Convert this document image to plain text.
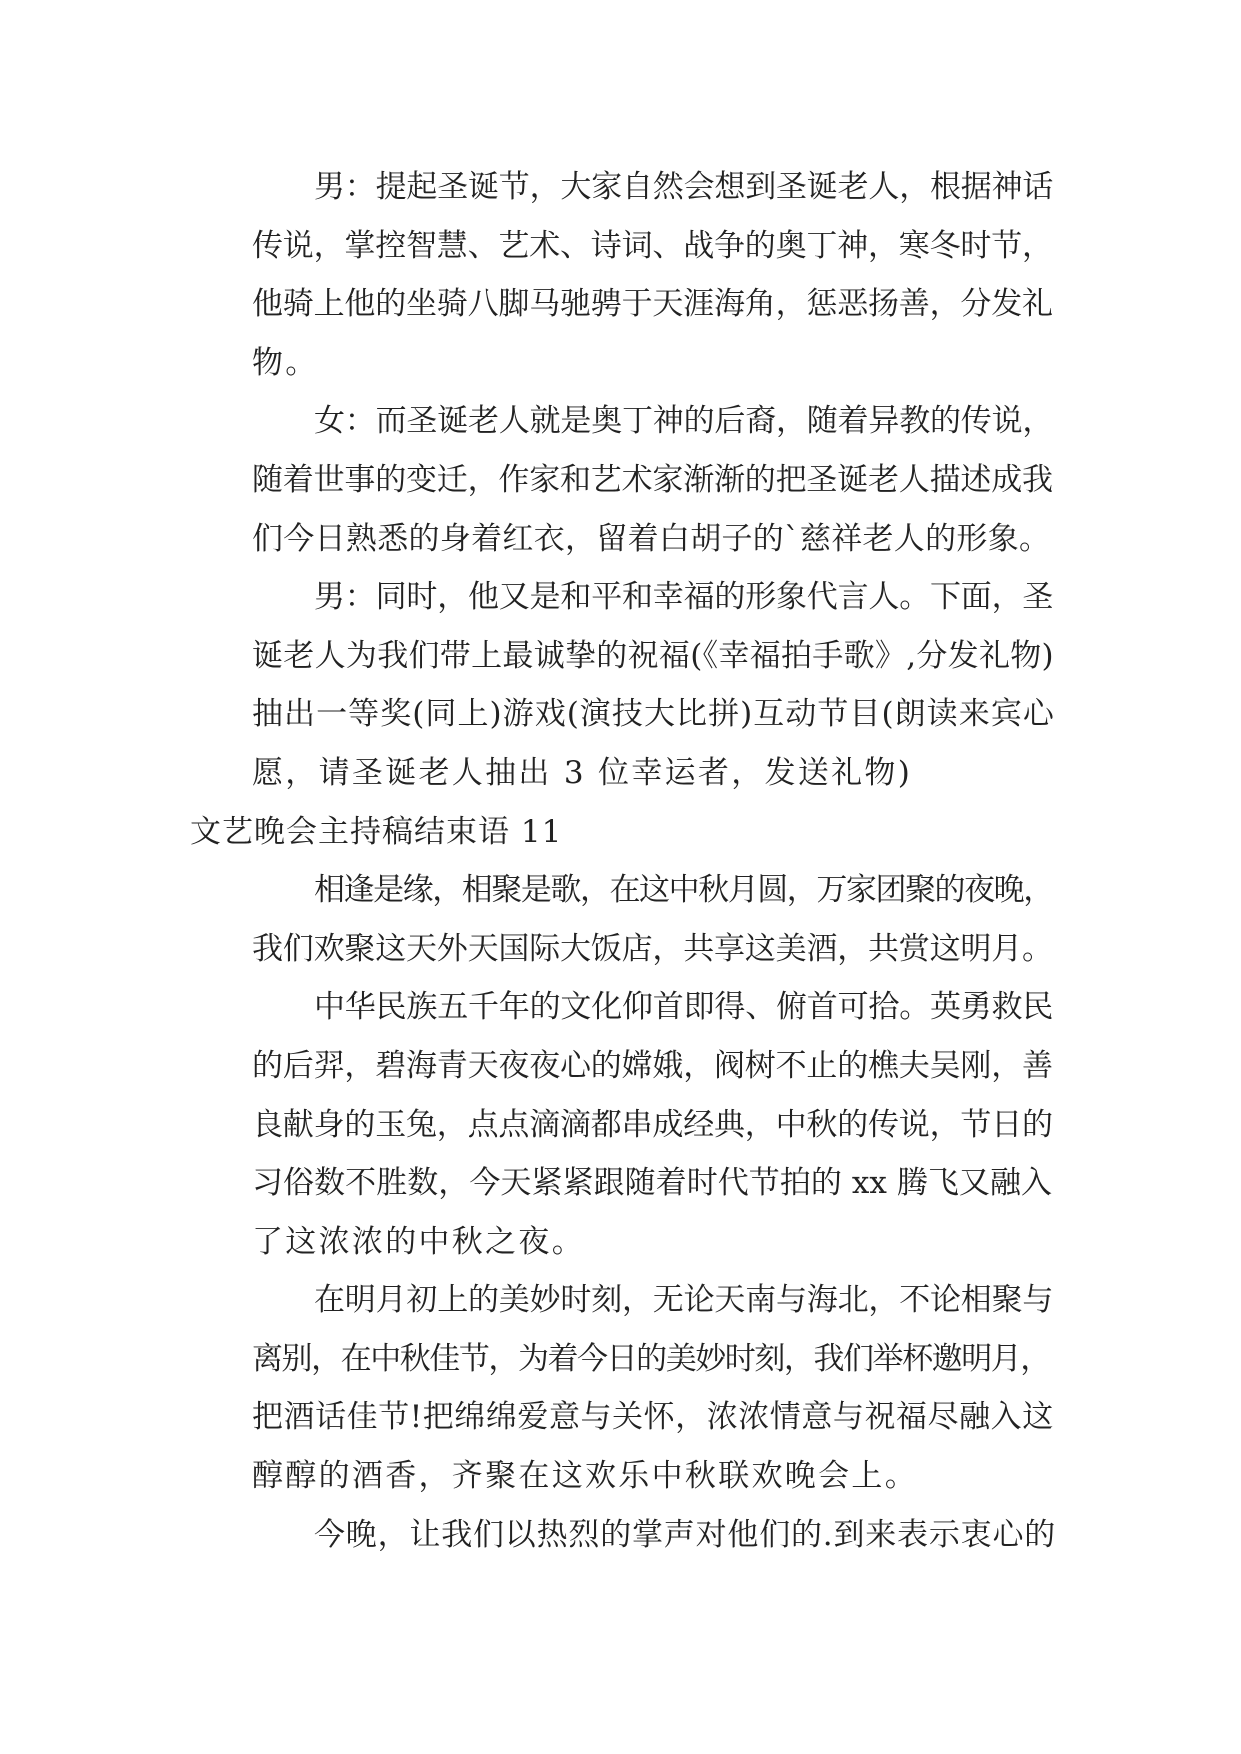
男：提起圣诞节，大家自然会想到圣诞老人，根据神话
传说，掌控智慧、艺术、诗词、战争的奥丁神，寒冬时节，
他骑上他的坐骑八脚马驰骋于天涯海角，惩恶扬善，分发礼
物。

女：而圣诞老人就是奥丁神的后裔，随着异教的传说，
随着世事的变迁，作家和艺术家渐渐的把圣诞老人描述成我
们今日熟悉的身着红衣，留着白胡子的`慈祥老人的形象。

男：同时，他又是和平和幸福的形象代言人。下面，圣
诞老人为我们带上最诚挚的祝福(《幸福拍手歌》,分发礼物)
抽出一等奖(同上)游戏(演技大比拼)互动节目(朗读来宾心
愿，请圣诞老人抽出 3 位幸运者，发送礼物)

文艺晚会主持稿结束语 11

相逢是缘，相聚是歌，在这中秋月圆，万家团聚的夜晚，
我们欢聚这天外天国际大饭店，共享这美酒，共赏这明月。

中华民族五千年的文化仰首即得、俯首可拾。英勇救民
的后羿，碧海青天夜夜心的嫦娥，阀树不止的樵夫吴刚，善
良献身的玉兔，点点滴滴都串成经典，中秋的传说，节日的
习俗数不胜数，今天紧紧跟随着时代节拍的 xx 腾飞又融入
了这浓浓的中秋之夜。

在明月初上的美妙时刻，无论天南与海北，不论相聚与
离别，在中秋佳节，为着今日的美妙时刻，我们举杯邀明月，
把酒话佳节!把绵绵爱意与关怀，浓浓情意与祝福尽融入这
醇醇的酒香，齐聚在这欢乐中秋联欢晚会上。

今晚，让我们以热烈的掌声对他们的.到来表示衷心的
